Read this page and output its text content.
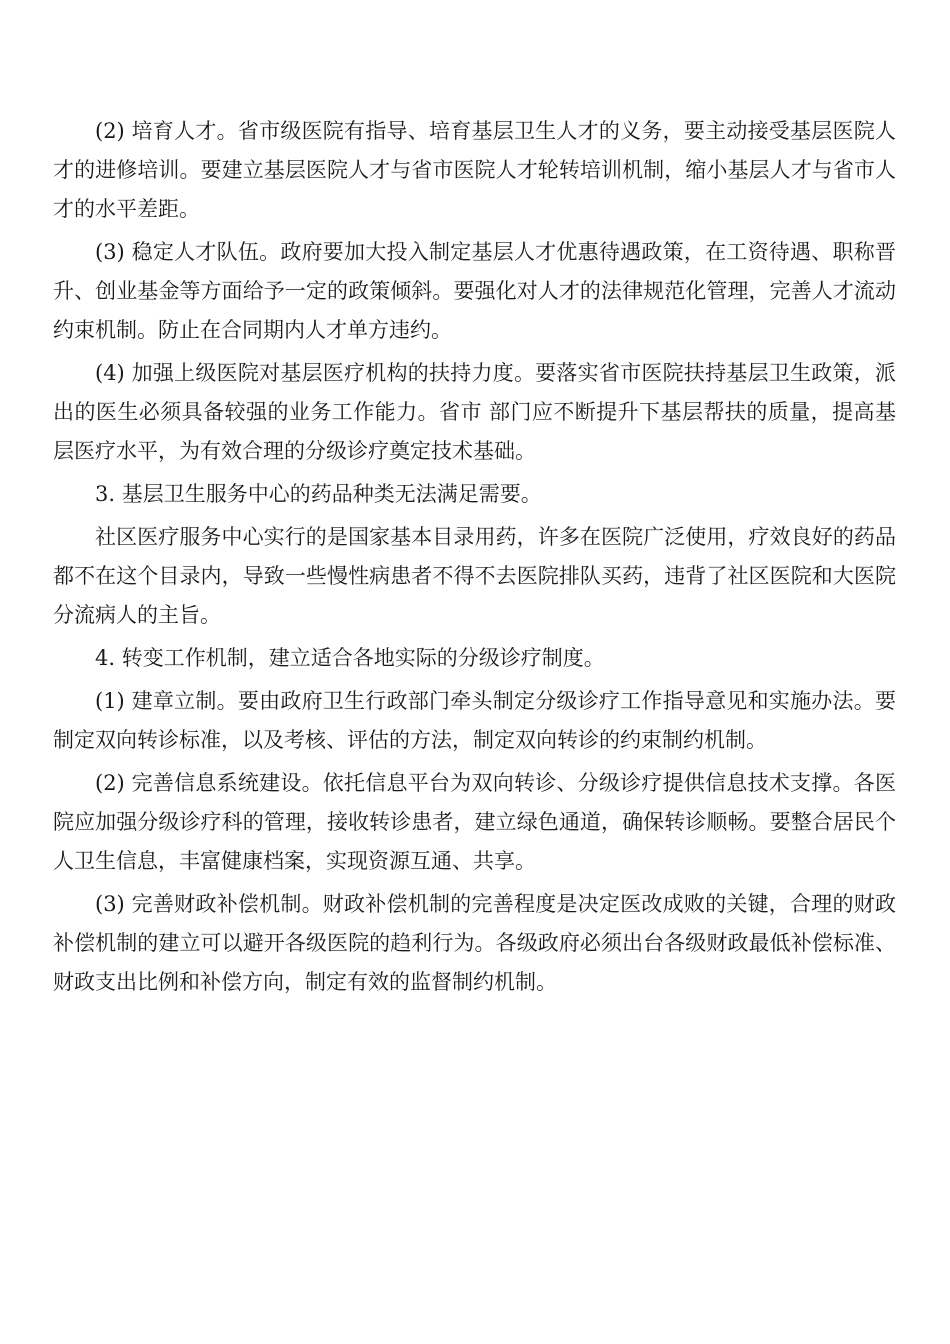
(2) 培育人才。省市级医院有指导、培育基层卫生人才的义务，要主动接受基层医院人才的进修培训。要建立基层医院人才与省市医院人才轮转培训机制，缩小基层人才与省市人才的水平差距。

(3) 稳定人才队伍。政府要加大投入制定基层人才优惠待遇政策，在工资待遇、职称晋升、创业基金等方面给予一定的政策倾斜。要强化对人才的法律规范化管理，完善人才流动约束机制。防止在合同期内人才单方违约。

(4) 加强上级医院对基层医疗机构的扶持力度。要落实省市医院扶持基层卫生政策，派出的医生必须具备较强的业务工作能力。省市 部门应不断提升下基层帮扶的质量，提高基层医疗水平，为有效合理的分级诊疗奠定技术基础。

3. 基层卫生服务中心的药品种类无法满足需要。

社区医疗服务中心实行的是国家基本目录用药，许多在医院广泛使用，疗效良好的药品都不在这个目录内，导致一些慢性病患者不得不去医院排队买药，违背了社区医院和大医院分流病人的主旨。

4. 转变工作机制，建立适合各地实际的分级诊疗制度。

(1) 建章立制。要由政府卫生行政部门牵头制定分级诊疗工作指导意见和实施办法。要制定双向转诊标准，以及考核、评估的方法，制定双向转诊的约束制约机制。

(2) 完善信息系统建设。依托信息平台为双向转诊、分级诊疗提供信息技术支撑。各医院应加强分级诊疗科的管理，接收转诊患者，建立绿色通道，确保转诊顺畅。要整合居民个人卫生信息，丰富健康档案，实现资源互通、共享。

(3) 完善财政补偿机制。财政补偿机制的完善程度是决定医改成败的关键，合理的财政补偿机制的建立可以避开各级医院的趋利行为。各级政府必须出台各级财政最低补偿标准、财政支出比例和补偿方向，制定有效的监督制约机制。
